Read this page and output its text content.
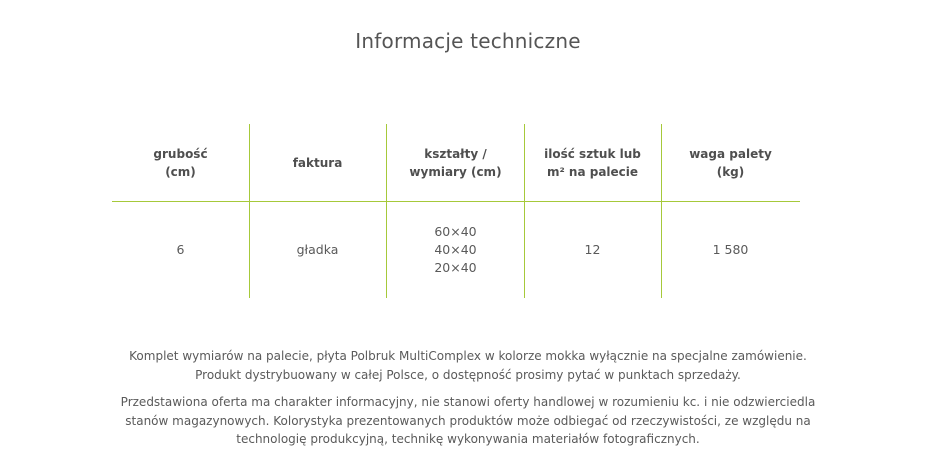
Informacje techniczne
grubość
(cm)
faktura
kształty /
wymiary (cm)
ilość sztuk lub
m² na palecie
waga palety
(kg)
6	gładka
60×40
40×40
20×40
12	1 580
Komplet wymiarów na palecie, płyta Polbruk MultiComplex w kolorze mokka wyłącznie na specjalne zamówienie.
Produkt dystrybuowany w całej Polsce, o dostępność prosimy pytać w punktach sprzedaży.
Przedstawiona oferta ma charakter informacyjny, nie stanowi oferty handlowej w rozumieniu kc. i nie odzwierciedla
stanów magazynowych. Kolorystyka prezentowanych produktów może odbiegać od rzeczywistości, ze względu na
technologię produkcyjną, technikę wykonywania materiałów fotograficznych.
